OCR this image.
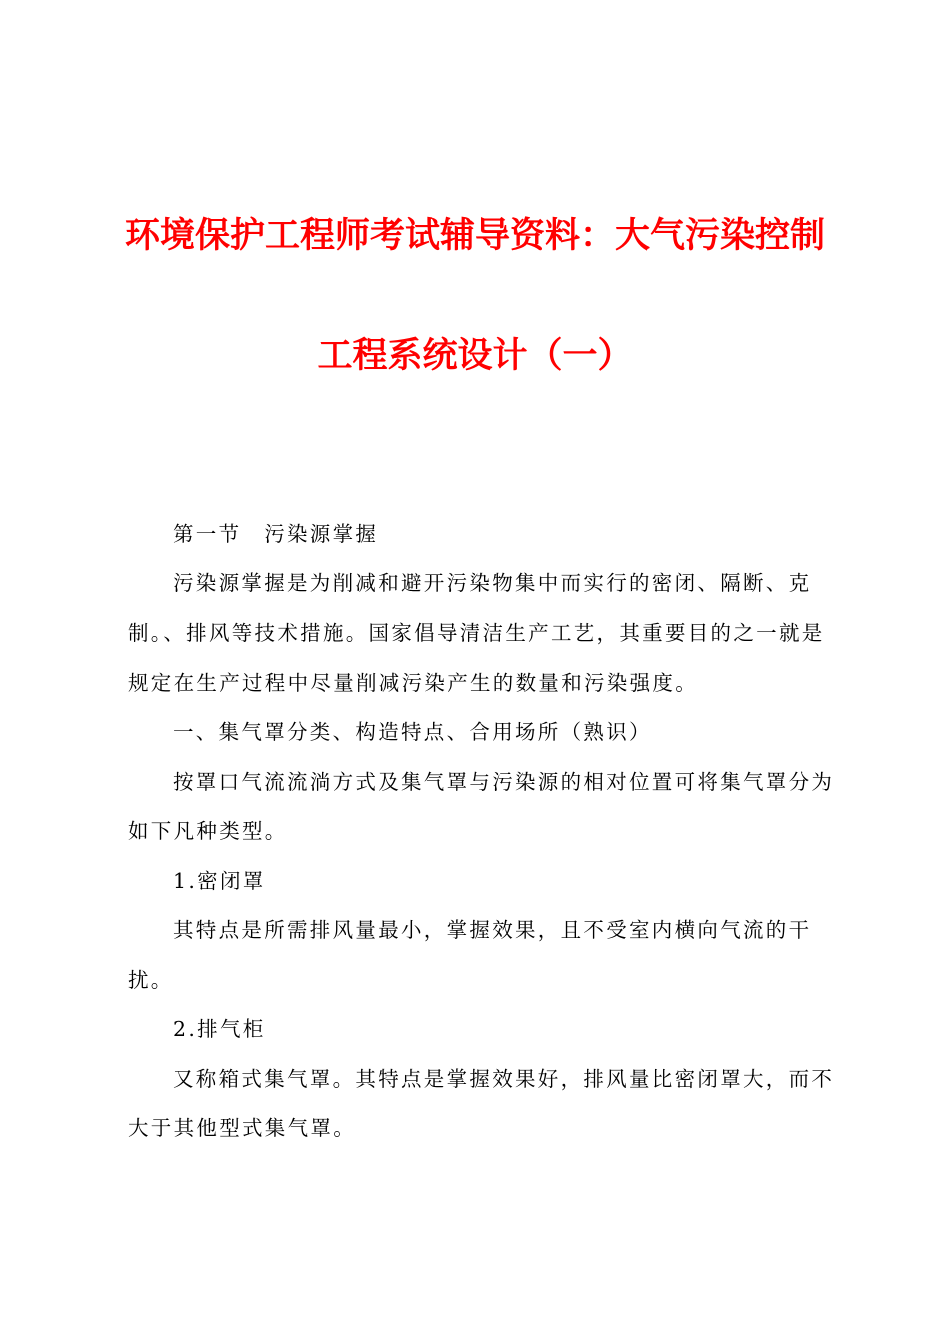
环境保护工程师考试辅导资料：大气污染控制
工程系统设计（一）
第一节　污染源掌握
污染源掌握是为削减和避开污染物集中而实行的密闭、隔断、克
制。、排风等技术措施。国家倡导清洁生产工艺，其重要目的之一就是
规定在生产过程中尽量削减污染产生的数量和污染强度。
一、集气罩分类、构造特点、合用场所（熟识）
按罩口气流流淌方式及集气罩与污染源的相对位置可将集气罩分为
如下凡种类型。
1.密闭罩
其特点是所需排风量最小，掌握效果，且不受室内横向气流的干
扰。
2.排气柜
又称箱式集气罩。其特点是掌握效果好，排风量比密闭罩大，而不
大于其他型式集气罩。
